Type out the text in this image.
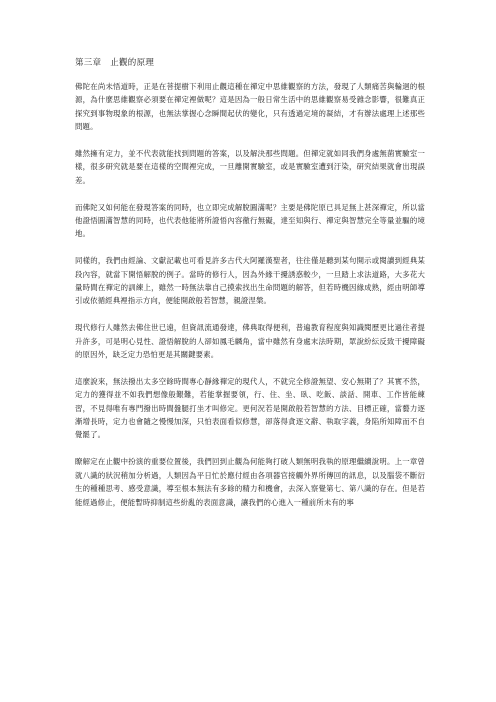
第三章　止觀的原理

佛陀在尚未悟道時，正是在菩提樹下利用止觀這種在禪定中思維觀察的方法，發現了人類痛苦與輪迴的根源，為什麼思維觀察必須要在禪定裡做呢？這是因為一般日常生活中的思維觀察易受雜念影響，很難真正探究到事物現象的根源，也無法掌握心念瞬間起伏的變化，只有透過定境的凝結，才有辦法處理上述那些問題。

雖然擁有定力，並不代表就能找到問題的答案，以及解決那些問題。但禪定就如同我們身處無菌實驗室一樣，很多研究就是要在這樣的空間裡完成，一旦離開實驗室，或是實驗室遭到汙染，研究結果就會出現誤差。

而佛陀又如何能在發現答案的同時，也立即完成解脫圓滿呢？主要是佛陀原已具足無上甚深禪定，所以當他證悟圓滿智慧的同時，也代表他能將所證悟內容徹行無礙，達至知與行、禪定與智慧完全等量並驅的境地。

同樣的，我們由經論、文獻記載也可看見許多古代大阿羅漢聖者，往往僅是聽到某句開示或閱讀到經典某段內容，就當下開悟解脫的例子。當時的修行人，因為外緣干擾誘惑較少，一旦踏上求法道路，大多花大量時間在禪定的訓練上，雖然一時無法靠自己摸索找出生命問題的解答，但若時機因緣成熟，經由明師導引或依循經典裡指示方向，便能開啟般若智慧，親證涅槃。

現代修行人雖然去佛住世已遠，但資訊流通發達，佛典取得便利，普遍教育程度與知識閱歷更比過往者提升許多，可是明心見性、證悟解脫的人卻如鳳毛麟角，當中雖然有身處末法時期，眾說紛紜反致干擾障礙的原因外，缺乏定力恐怕更是其關鍵要素。

這麼說來，無法撥出太多空餘時間專心靜緣禪定的現代人，不就完全修證無望、安心無期了？其實不然，定力的獲得並不如我們想像般艱難，若能掌握要領，行、住、坐、臥、吃飯、談話、開車、工作皆能練習，不見得唯有專門撥出時間盤腿打坐才叫修定。更何況若是開啟般若智慧的方法、目標正確，當藝力逐漸增長時，定力也會隨之慢慢加深，只怕表面看似修慧，卻落得貪逐文辭、執取字義，身陷所知障而不自覺罷了。

瞭解定在止觀中扮演的重要位置後，我們回到止觀為何能夠打破人類無明我執的原理繼續說明。上一章曾就八識的狀況稍加分析過，人類因為平日忙於應付經由各項器官接觸外界所傳回的訊息，以及腦袋不斷衍生的種種思考、感受意識，導至根本無法有多餘的精力和機會，去深入察覺第七、第八識的存在。但是若能經過修止，便能暫時抑制這些紛亂的表面意識，讓我們的心進入一種前所未有的寧
